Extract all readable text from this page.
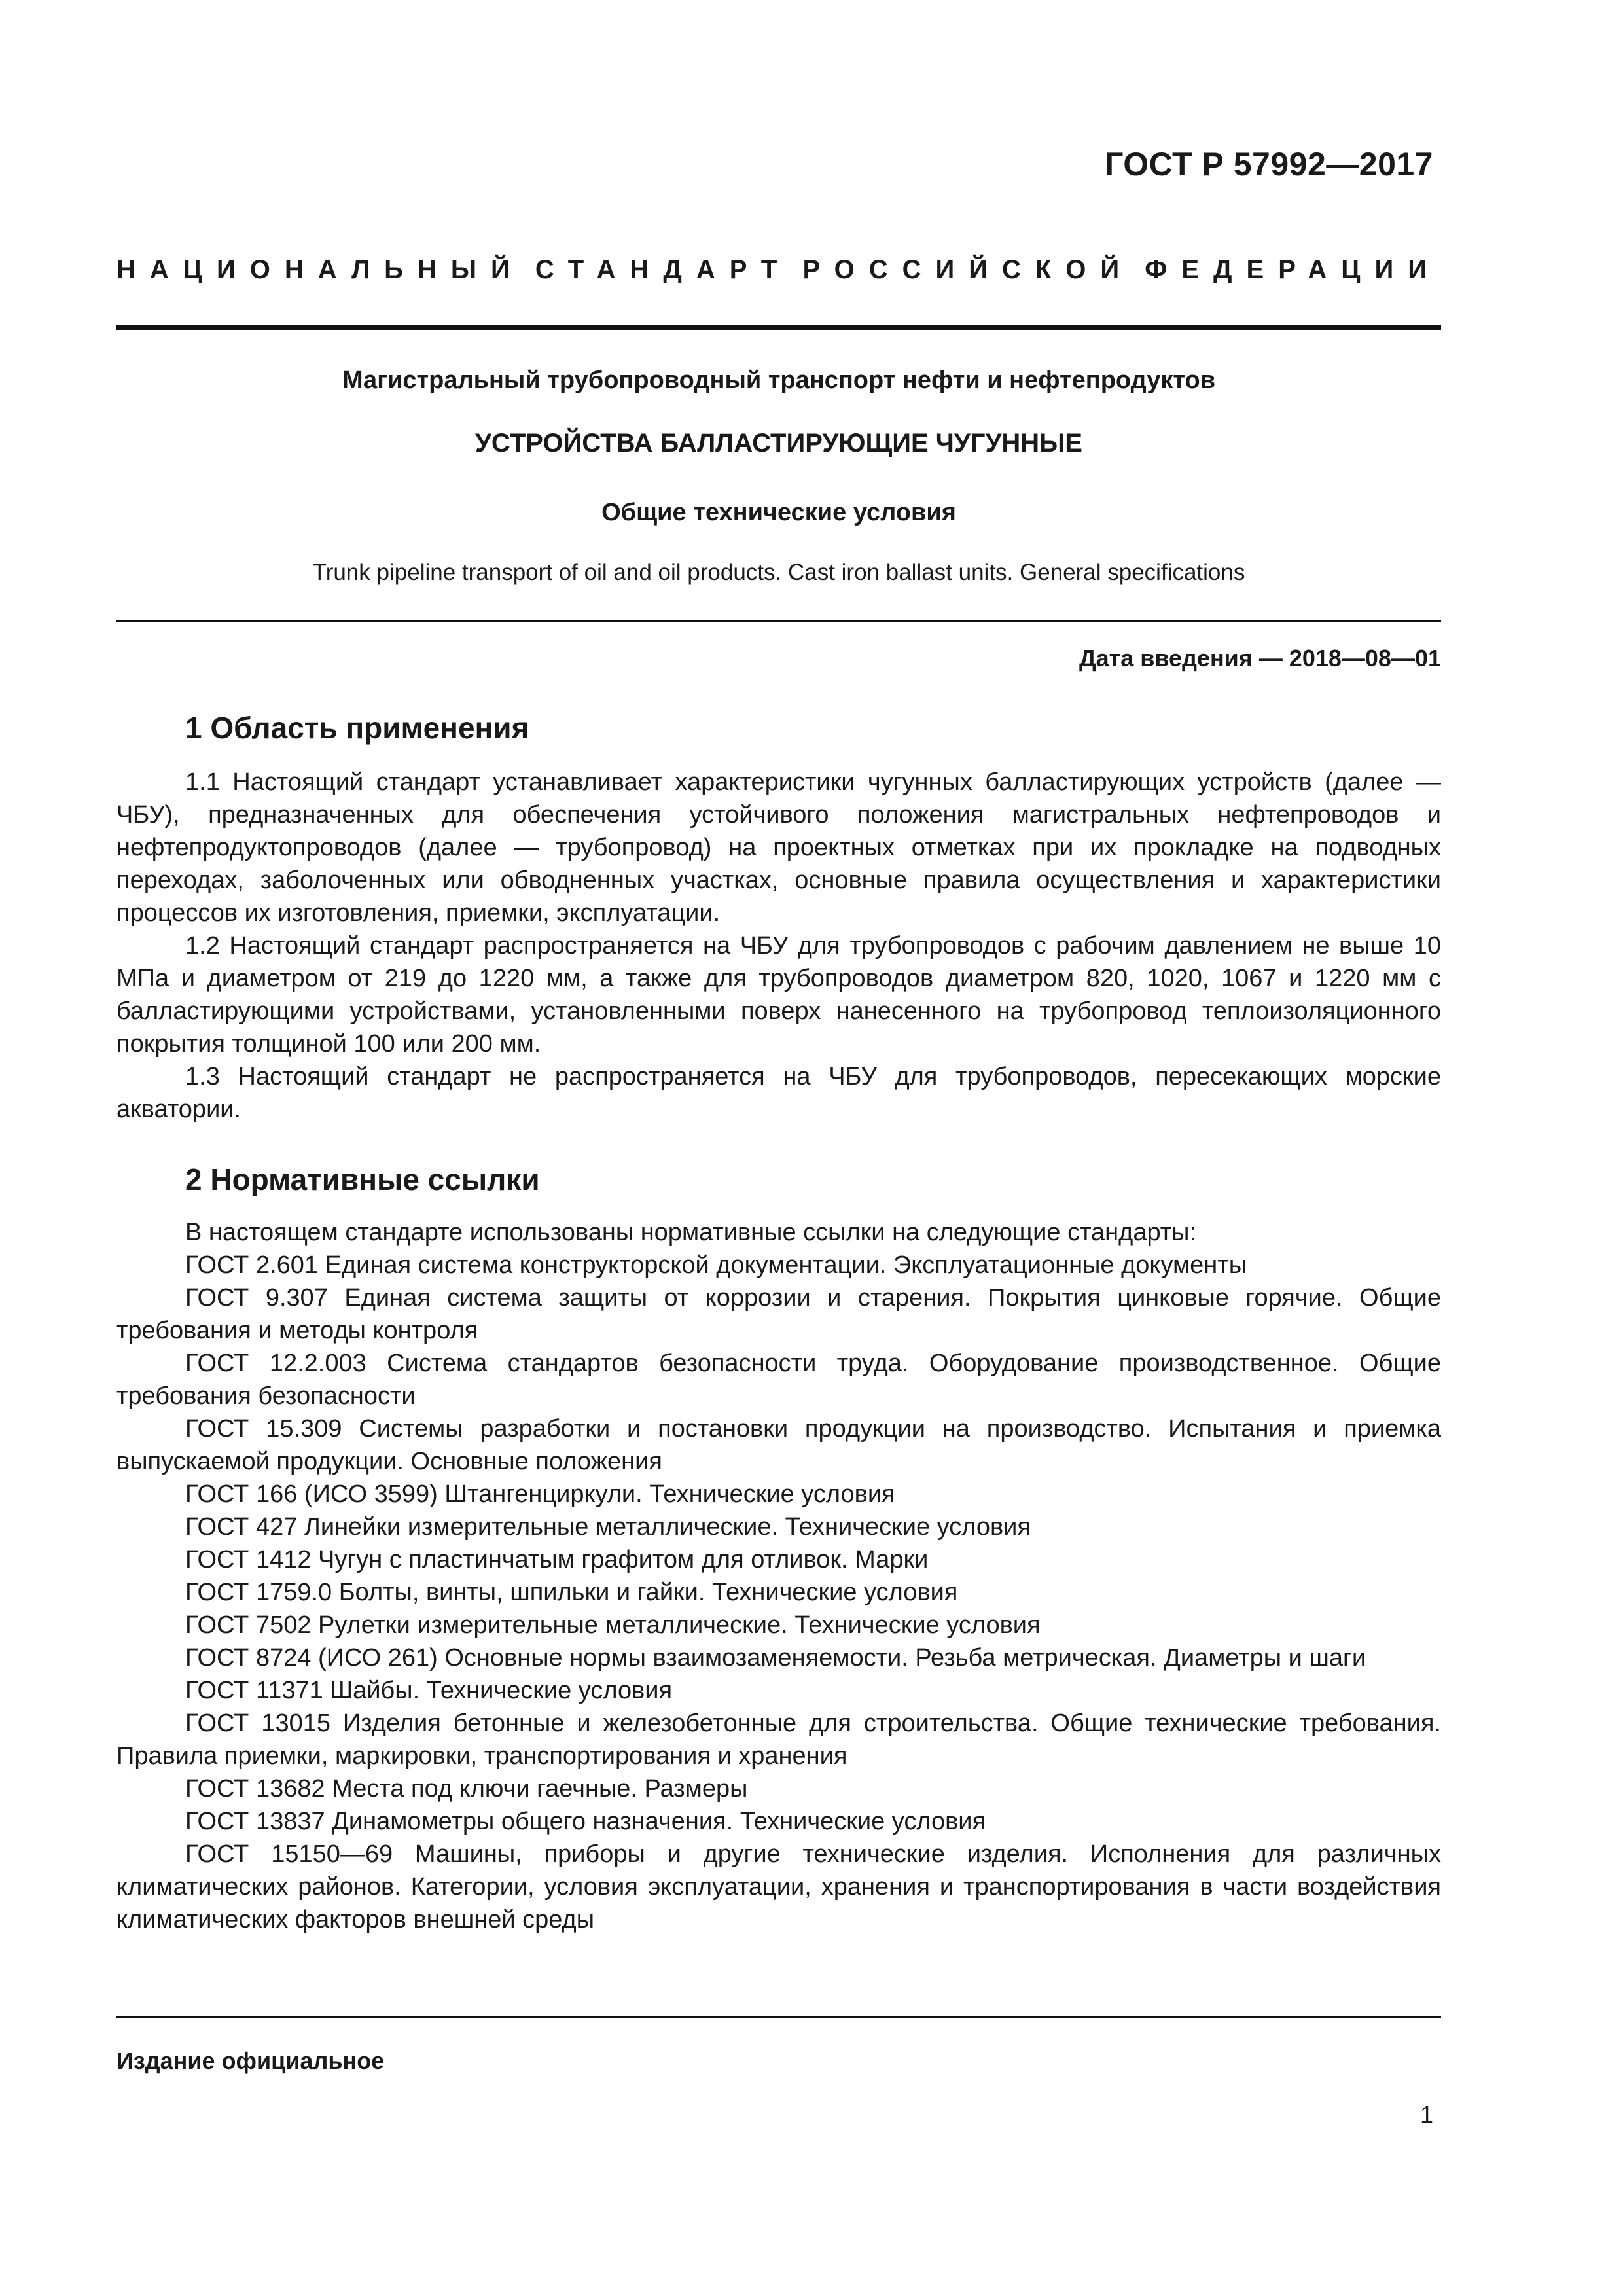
ГОСТ Р 57992—2017
НАЦИОНАЛЬНЫЙ СТАНДАРТ РОССИЙСКОЙ ФЕДЕРАЦИИ
Магистральный трубопроводный транспорт нефти и нефтепродуктов
УСТРОЙСТВА БАЛЛАСТИРУЮЩИЕ ЧУГУННЫЕ
Общие технические условия
Trunk pipeline transport of oil and oil products. Cast iron ballast units. General specifications
Дата введения — 2018—08—01
1 Область применения

1.1 Настоящий стандарт устанавливает характеристики чугунных балластирующих устройств (далее — ЧБУ), предназначенных для обеспечения устойчивого положения магистральных нефтепроводов и нефтепродуктопроводов (далее — трубопровод) на проектных отметках при их прокладке на подводных переходах, заболоченных или обводненных участках, основные правила осуществления и характеристики процессов их изготовления, приемки, эксплуатации.

1.2 Настоящий стандарт распространяется на ЧБУ для трубопроводов с рабочим давлением не выше 10 МПа и диаметром от 219 до 1220 мм, а также для трубопроводов диаметром 820, 1020, 1067 и 1220 мм с балластирующими устройствами, установленными поверх нанесенного на трубопровод теплоизоляционного покрытия толщиной 100 или 200 мм.

1.3 Настоящий стандарт не распространяется на ЧБУ для трубопроводов, пересекающих морские акватории.

2 Нормативные ссылки

В настоящем стандарте использованы нормативные ссылки на следующие стандарты:

ГОСТ 2.601 Единая система конструкторской документации. Эксплуатационные документы

ГОСТ 9.307 Единая система защиты от коррозии и старения. Покрытия цинковые горячие. Общие требования и методы контроля

ГОСТ 12.2.003 Система стандартов безопасности труда. Оборудование производственное. Общие требования безопасности

ГОСТ 15.309 Системы разработки и постановки продукции на производство. Испытания и приемка выпускаемой продукции. Основные положения

ГОСТ 166 (ИСО 3599) Штангенциркули. Технические условия

ГОСТ 427 Линейки измерительные металлические. Технические условия

ГОСТ 1412 Чугун с пластинчатым графитом для отливок. Марки

ГОСТ 1759.0 Болты, винты, шпильки и гайки. Технические условия

ГОСТ 7502 Рулетки измерительные металлические. Технические условия

ГОСТ 8724 (ИСО 261) Основные нормы взаимозаменяемости. Резьба метрическая. Диаметры и шаги

ГОСТ 11371 Шайбы. Технические условия

ГОСТ 13015 Изделия бетонные и железобетонные для строительства. Общие технические требования. Правила приемки, маркировки, транспортирования и хранения

ГОСТ 13682 Места под ключи гаечные. Размеры

ГОСТ 13837 Динамометры общего назначения. Технические условия

ГОСТ 15150—69 Машины, приборы и другие технические изделия. Исполнения для различных климатических районов. Категории, условия эксплуатации, хранения и транспортирования в части воздействия климатических факторов внешней среды

Издание официальное
1
